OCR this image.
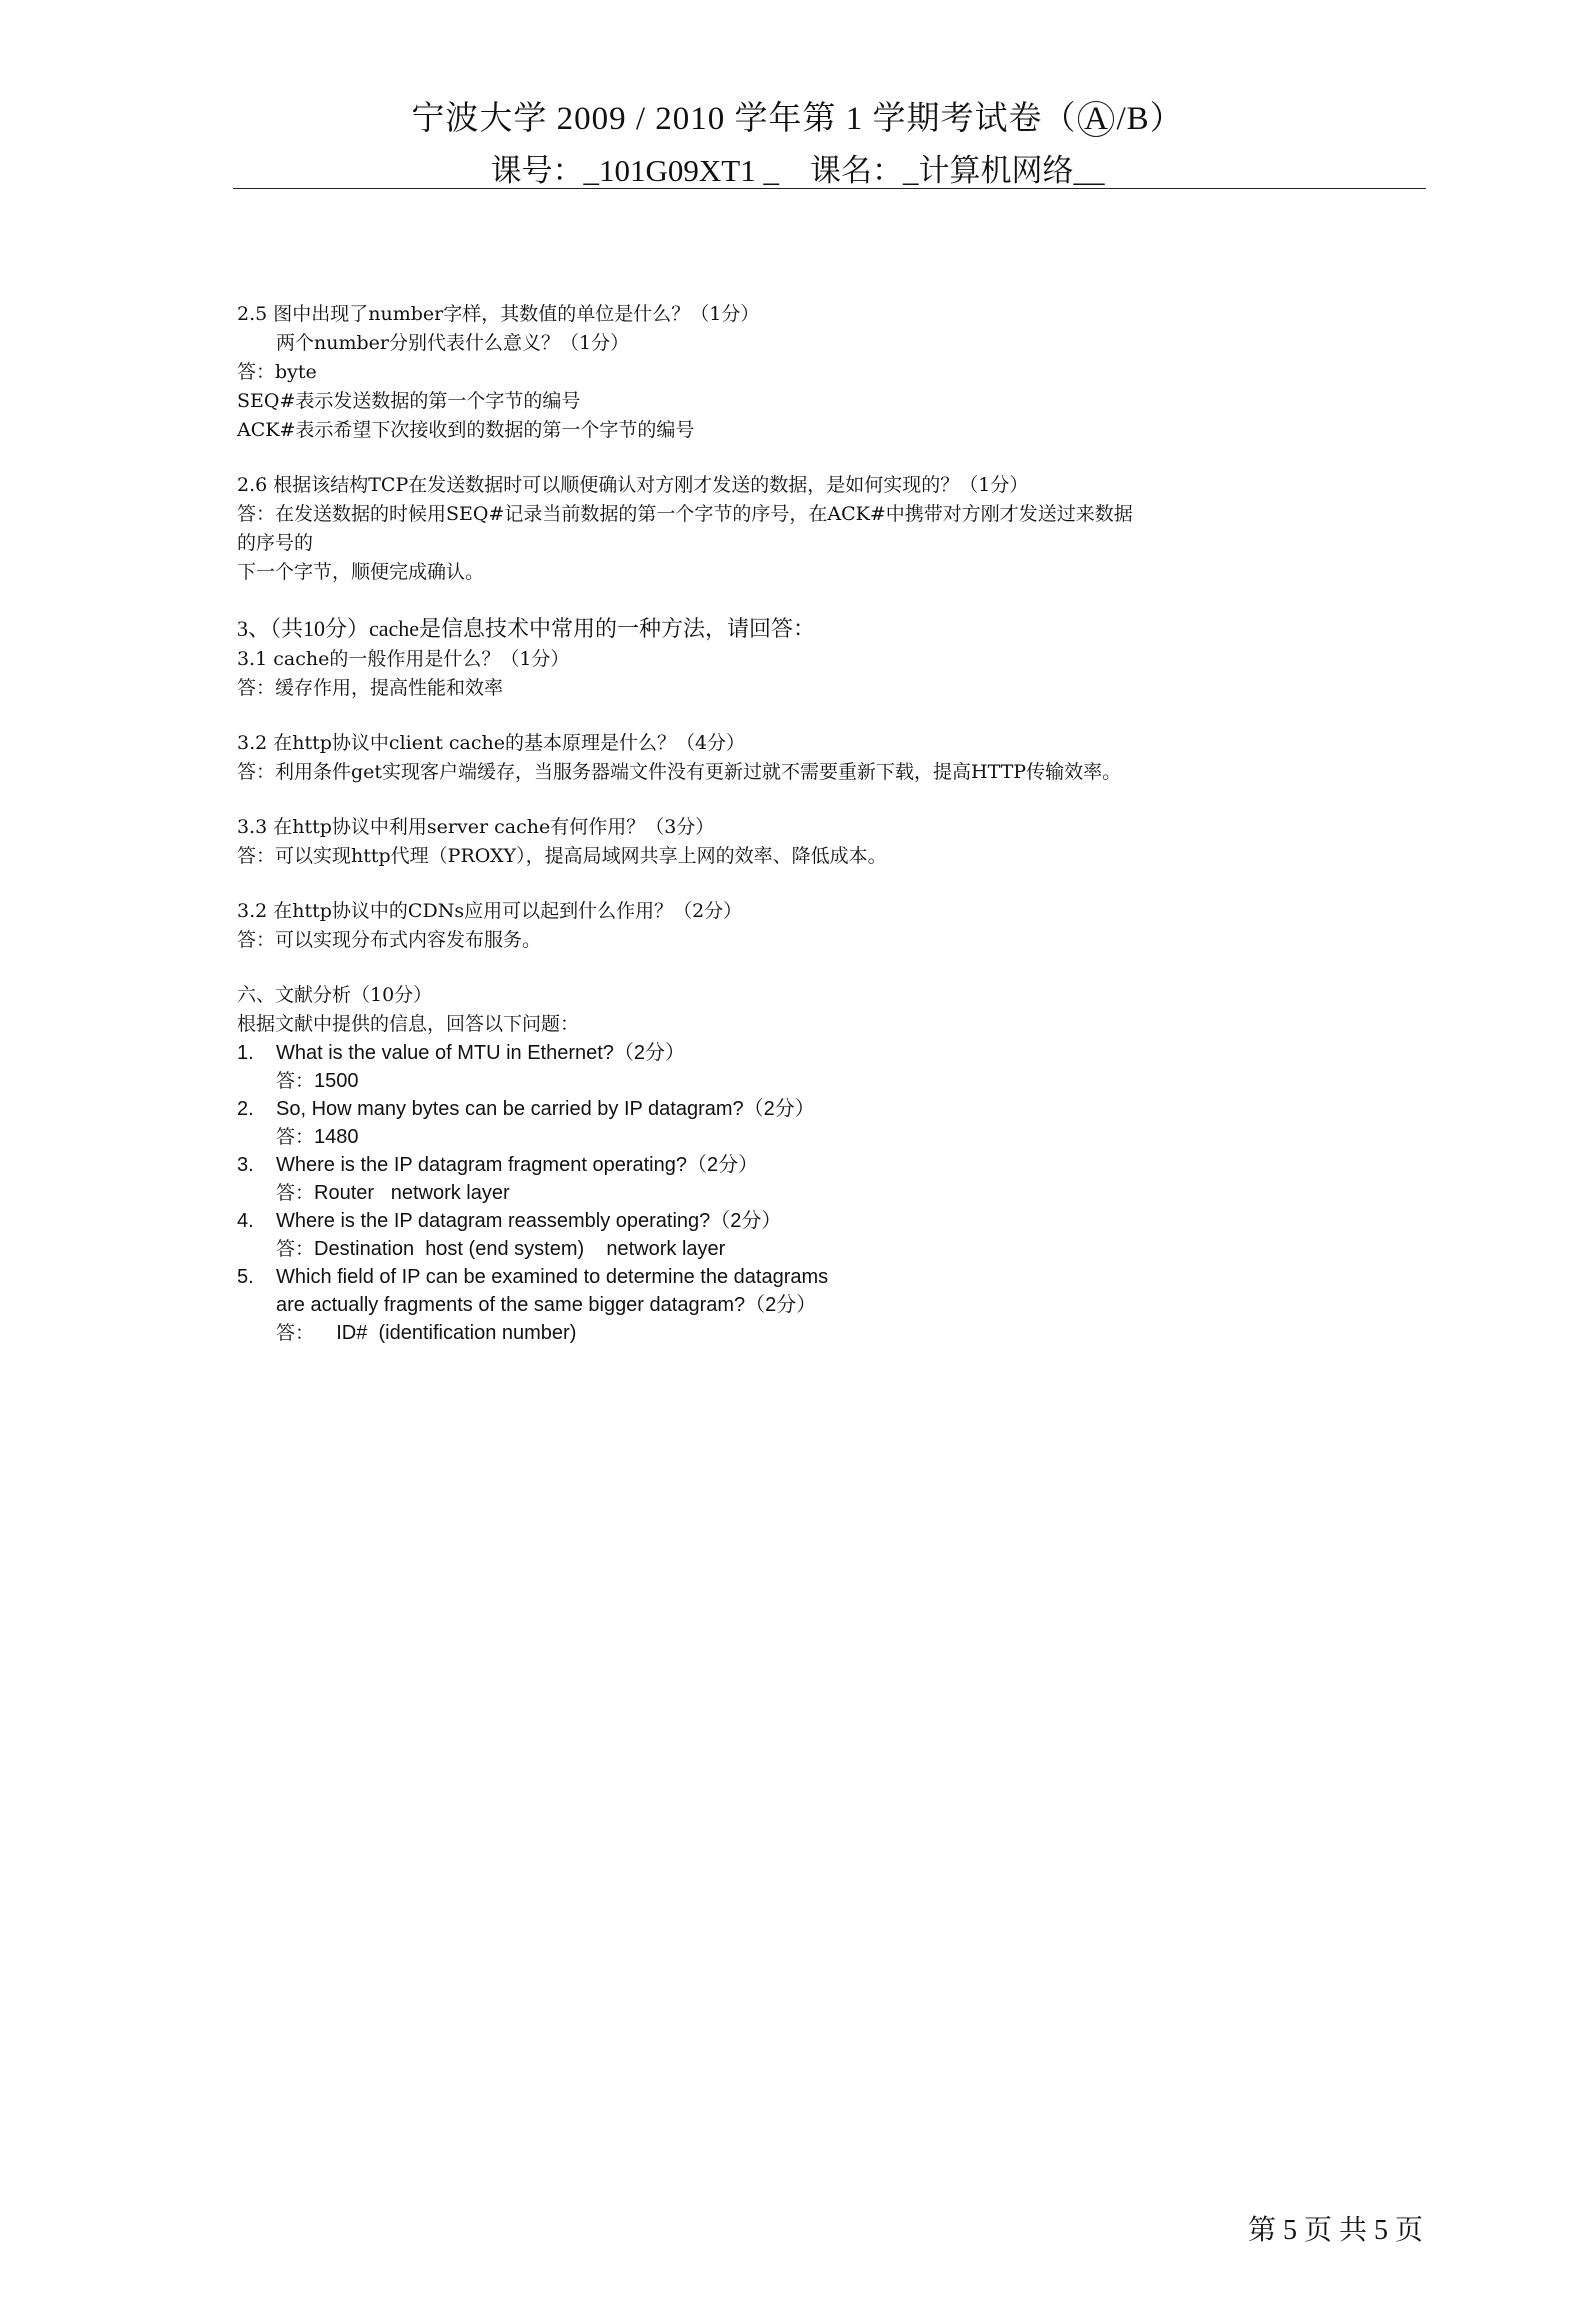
宁波大学 2009 / 2010 学年第 1 学期考试卷（ A /B）
课号：_101G09XT1 _    课名：_计算机网络__
2.5 图中出现了number字样，其数值的单位是什么？（1分）
两个number分别代表什么意义？（1分）
答：byte
SEQ#表示发送数据的第一个字节的编号
ACK#表示希望下次接收到的数据的第一个字节的编号
2.6 根据该结构TCP在发送数据时可以顺便确认对方刚才发送的数据，是如何实现的？（1分）
答：在发送数据的时候用SEQ#记录当前数据的第一个字节的序号，在ACK#中携带对方刚才发送过来数据
的序号的
下一个字节，顺便完成确认。
3、（共10分）cache是信息技术中常用的一种方法，请回答：
3.1 cache的一般作用是什么？（1分）
答：缓存作用，提高性能和效率
3.2 在http协议中client cache的基本原理是什么？（4分）
答：利用条件get实现客户端缓存，当服务器端文件没有更新过就不需要重新下载，提高HTTP传输效率。
3.3 在http协议中利用server cache有何作用？（3分）
答：可以实现http代理（PROXY），提高局域网共享上网的效率、降低成本。
3.2 在http协议中的CDNs应用可以起到什么作用？（2分）
答：可以实现分布式内容发布服务。
六、文献分析（10分）
根据文献中提供的信息，回答以下问题：
1.	What is the value of MTU in Ethernet?（2分）
答：1500
2.	So, How many bytes can be carried by IP datagram?（2分）
答：1480
3.	Where is the IP datagram fragment operating?（2分）
答：Router   network layer
4.	Where is the IP datagram reassembly operating?（2分）
答：Destination  host (end system)    network layer
5.	Which field of IP can be examined to determine the datagrams
are actually fragments of the same bigger datagram?（2分）
答：    ID#  (identification number)
第 5 页 共 5 页
